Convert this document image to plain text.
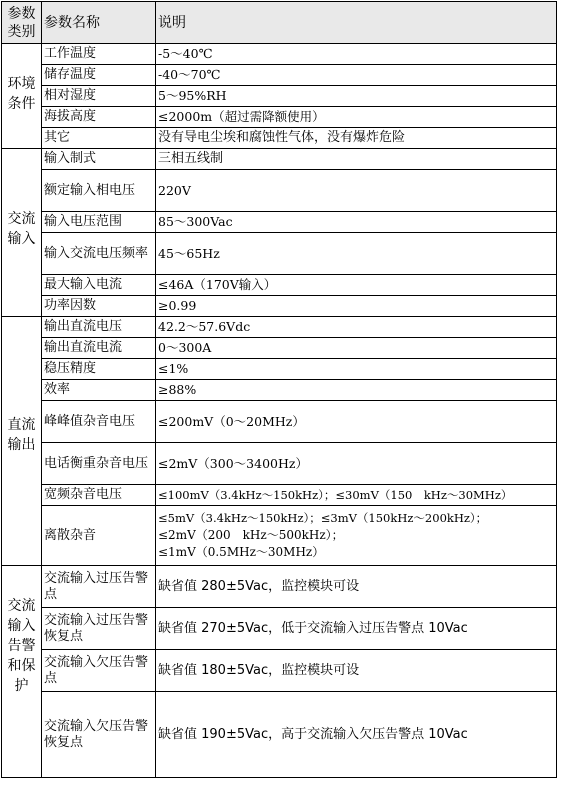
参数类别	参数名称	说明

环境条件	工作温度	-5～40℃
	储存温度	-40～70℃
	相对湿度	5～95%RH
	海拔高度	≤2000m（超过需降额使用）
	其它	没有导电尘埃和腐蚀性气体，没有爆炸危险

交流输入	输入制式	三相五线制
	额定输入相电压	220V
	输入电压范围	85～300Vac
	输入交流电压频率	45～65Hz
	最大输入电流	≤46A（170V输入）
	功率因数	≥0.99

直流输出	输出直流电压	42.2～57.6Vdc
	输出直流电流	0～300A
	稳压精度	≤1%
	效率	≥88%
	峰峰值杂音电压	≤200mV（0～20MHz）
	电话衡重杂音电压	≤2mV（300～3400Hz）
	宽频杂音电压	≤100mV（3.4kHz～150kHz）；≤30mV（150　kHz～30MHz）
	离散杂音	≤5mV（3.4kHz～150kHz）；≤3mV（150kHz～200kHz）；
≤2mV（200　kHz～500kHz）；
≤1mV（0.5MHz～30MHz）

交流输入告警和保护	交流输入过压告警点	缺省值 280±5Vac，监控模块可设
	交流输入过压告警恢复点	缺省值 270±5Vac，低于交流输入过压告警点 10Vac
	交流输入欠压告警点	缺省值 180±5Vac，监控模块可设
	交流输入欠压告警恢复点	缺省值 190±5Vac，高于交流输入欠压告警点 10Vac
